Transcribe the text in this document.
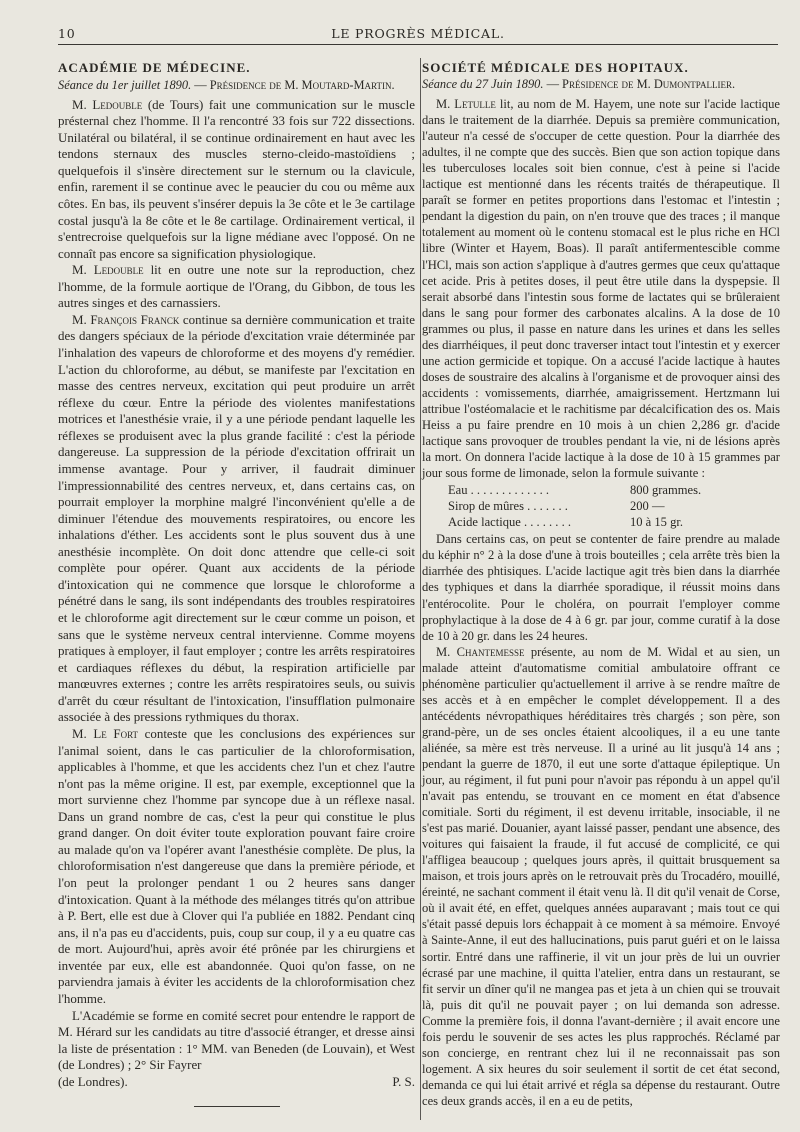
10	LE PROGRÈS MÉDICAL.
ACADÉMIE DE MÉDECINE.
Séance du 1er juillet 1890. — Présidence de M. Moutard-Martin.

M. Ledouble (de Tours) fait une communication sur le muscle présternal chez l'homme. Il l'a rencontré 33 fois sur 722 dissections. Unilatéral ou bilatéral, il se continue ordinairement en haut avec les tendons sternaux des muscles sterno-cleido-mastoïdiens ; quelquefois il s'insère directement sur le sternum ou la clavicule, enfin, rarement il se continue avec le peaucier du cou ou même aux côtes. En bas, ils peuvent s'insérer depuis la 3e côte et le 3e cartilage costal jusqu'à la 8e côte et le 8e cartilage. Ordinairement vertical, il s'entrecroise quelquefois sur la ligne médiane avec l'opposé. On ne connaît pas encore sa signification physiologique.

M. Ledouble lit en outre une note sur la reproduction, chez l'homme, de la formule aortique de l'Orang, du Gibbon, de tous les autres singes et des carnassiers.

M. François Franck continue sa dernière communication et traite des dangers spéciaux de la période d'excitation vraie déterminée par l'inhalation des vapeurs de chloroforme et des moyens d'y remédier. L'action du chloroforme, au début, se manifeste par l'excitation en masse des centres nerveux, excitation qui peut produire un arrêt réflexe du cœur. Entre la période des violentes manifestations motrices et l'anesthésie vraie, il y a une période pendant laquelle les réflexes se produisent avec la plus grande facilité : c'est la période dangereuse. La suppression de la période d'excitation offrirait un immense avantage. Pour y arriver, il faudrait diminuer l'impressionnabilité des centres nerveux, et, dans certains cas, on pourrait employer la morphine malgré l'inconvénient qu'elle a de diminuer l'étendue des mouvements respiratoires, ou encore les inhalations d'éther. Les accidents sont le plus souvent dus à une anesthésie incomplète. On doit donc attendre que celle-ci soit complète pour opérer. Quant aux accidents de la période d'intoxication qui ne commence que lorsque le chloroforme a pénétré dans le sang, ils sont indépendants des troubles respiratoires et le chloroforme agit directement sur le cœur comme un poison, et sans que le système nerveux central intervienne. Comme moyens pratiques à employer, il faut employer ; contre les arrêts respiratoires et cardiaques réflexes du début, la respiration artificielle par manœuvres externes ; contre les arrêts respiratoires seuls, ou suivis d'arrêt du cœur résultant de l'intoxication, l'insufflation pulmonaire associée à des pressions rythmiques du thorax.

M. Le Fort conteste que les conclusions des expériences sur l'animal soient, dans le cas particulier de la chloroformisation, applicables à l'homme, et que les accidents chez l'un et chez l'autre n'ont pas la même origine. Il est, par exemple, exceptionnel que la mort survienne chez l'homme par syncope due à un réflexe nasal. Dans un grand nombre de cas, c'est la peur qui constitue le plus grand danger. On doit éviter toute exploration pouvant faire croire au malade qu'on va l'opérer avant l'anesthésie complète. De plus, la chloroformisation n'est dangereuse que dans la première période, et l'on peut la prolonger pendant 1 ou 2 heures sans danger d'intoxication. Quant à la méthode des mélanges titrés qu'on attribue à P. Bert, elle est due à Clover qui l'a publiée en 1882. Pendant cinq ans, il n'a pas eu d'accidents, puis, coup sur coup, il y a eu quatre cas de mort. Aujourd'hui, après avoir été prônée par les chirurgiens et inventée par eux, elle est abandonnée. Quoi qu'on fasse, on ne parviendra jamais à éviter les accidents de la chloroformisation chez l'homme.

L'Académie se forme en comité secret pour entendre le rapport de M. Hérard sur les candidats au titre d'associé étranger, et dresse ainsi la liste de présentation : 1° MM. van Beneden (de Louvain), et West (de Londres) ; 2° Sir Fayrer

(de Londres).	P. S.
SOCIÉTÉ MÉDICALE DES HOPITAUX.
Séance du 27 Juin 1890. — Présidence de M. Dumontpallier.

M. Letulle lit, au nom de M. Hayem, une note sur l'acide lactique dans le traitement de la diarrhée. Depuis sa première communication, l'auteur n'a cessé de s'occuper de cette question. Pour la diarrhée des adultes, il ne compte que des succès. Bien que son action topique dans les tuberculoses locales soit bien connue, c'est à peine si l'acide lactique est mentionné dans les récents traités de thérapeutique. Il paraît se former en petites proportions dans l'estomac et l'intestin ; pendant la digestion du pain, on n'en trouve que des traces ; il manque totalement au moment où le contenu stomacal est le plus riche en HCl libre (Winter et Hayem, Boas). Il paraît antifermentescible comme l'HCl, mais son action s'applique à d'autres germes que ceux qu'attaque cet acide. Pris à petites doses, il peut être utile dans la dyspepsie. Il serait absorbé dans l'intestin sous forme de lactates qui se brûleraient dans le sang pour former des carbonates alcalins. A la dose de 10 grammes ou plus, il passe en nature dans les urines et dans les selles des diarrhéiques, il peut donc traverser intact tout l'intestin et y exercer une action germicide et topique. On a accusé l'acide lactique à hautes doses de soustraire des alcalins à l'organisme et de provoquer ainsi des accidents : vomissements, diarrhée, amaigrissement. Hertzmann lui attribue l'ostéomalacie et le rachitisme par décalcification des os. Mais Heiss a pu faire prendre en 10 mois à un chien 2,286 gr. d'acide lactique sans provoquer de troubles pendant la vie, ni de lésions après la mort. On donnera l'acide lactique à la dose de 10 à 15 grammes par jour sous forme de limonade, selon la formule suivante :

Eau . . . . . . . . . . . . .	800 grammes.
Sirop de mûres . . . . . . .	200 —
Acide lactique . . . . . . . .	10 à 15 gr.

Dans certains cas, on peut se contenter de faire prendre au malade du képhir n° 2 à la dose d'une à trois bouteilles ; cela arrête très bien la diarrhée des phtisiques. L'acide lactique agit très bien dans la diarrhée des typhiques et dans la diarrhée sporadique, il réussit moins dans l'entérocolite. Pour le choléra, on pourrait l'employer comme prophylactique à la dose de 4 à 6 gr. par jour, comme curatif à la dose de 10 à 20 gr. dans les 24 heures.

M. Chantemesse présente, au nom de M. Widal et au sien, un malade atteint d'automatisme comitial ambulatoire offrant ce phénomène particulier qu'actuellement il arrive à se rendre maître de ses accès et à en empêcher le complet développement. Il a des antécédents névropathiques héréditaires très chargés ; son père, son grand-père, un de ses oncles étaient alcooliques, il a eu une tante aliénée, sa mère est très nerveuse. Il a uriné au lit jusqu'à 14 ans ; pendant la guerre de 1870, il eut une sorte d'attaque épileptique. Un jour, au régiment, il fut puni pour n'avoir pas répondu à un appel qu'il n'avait pas entendu, se trouvant en ce moment en état d'absence comitiale. Sorti du régiment, il est devenu irritable, insociable, il ne s'est pas marié. Douanier, ayant laissé passer, pendant une absence, des voitures qui faisaient la fraude, il fut accusé de complicité, ce qui l'affligea beaucoup ; quelques jours après, il quittait brusquement sa maison, et trois jours après on le retrouvait près du Trocadéro, mouillé, éreinté, ne sachant comment il était venu là. Il dit qu'il venait de Corse, où il avait été, en effet, quelques années auparavant ; mais tout ce qui s'était passé depuis lors échappait à ce moment à sa mémoire. Envoyé à Sainte-Anne, il eut des hallucinations, puis parut guéri et on le laissa sortir. Entré dans une raffinerie, il vit un jour près de lui un ouvrier écrasé par une machine, il quitta l'atelier, entra dans un restaurant, se fit servir un dîner qu'il ne mangea pas et jeta à un chien qui se trouvait là, puis dit qu'il ne pouvait payer ; on lui demanda son adresse. Comme la première fois, il donna l'avant-dernière ; il avait encore une fois perdu le souvenir de ses actes les plus rapprochés. Réclamé par son concierge, en rentrant chez lui il ne reconnaissait pas son logement. A six heures du soir seulement il sortit de cet état second, demanda ce qui lui était arrivé et régla sa dépense du restaurant. Outre ces deux grands accès, il en a eu de petits,
